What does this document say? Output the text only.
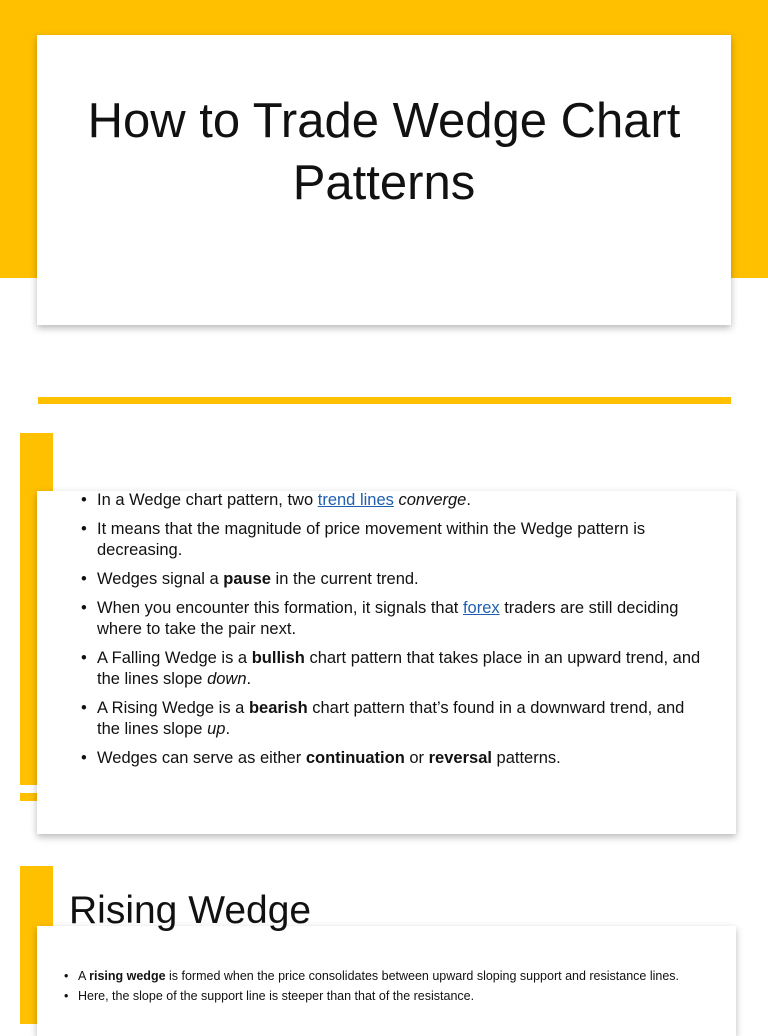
How to Trade Wedge Chart Patterns
• In a Wedge chart pattern, two trend lines converge.
• It means that the magnitude of price movement within the Wedge pattern is decreasing.
• Wedges signal a pause in the current trend.
• When you encounter this formation, it signals that forex traders are still deciding where to take the pair next.
• A Falling Wedge is a bullish chart pattern that takes place in an upward trend, and the lines slope down.
• A Rising Wedge is a bearish chart pattern that’s found in a downward trend, and the lines slope up.
• Wedges can serve as either continuation or reversal patterns.
Rising Wedge
• A rising wedge is formed when the price consolidates between upward sloping support and resistance lines.
• Here, the slope of the support line is steeper than that of the resistance.
